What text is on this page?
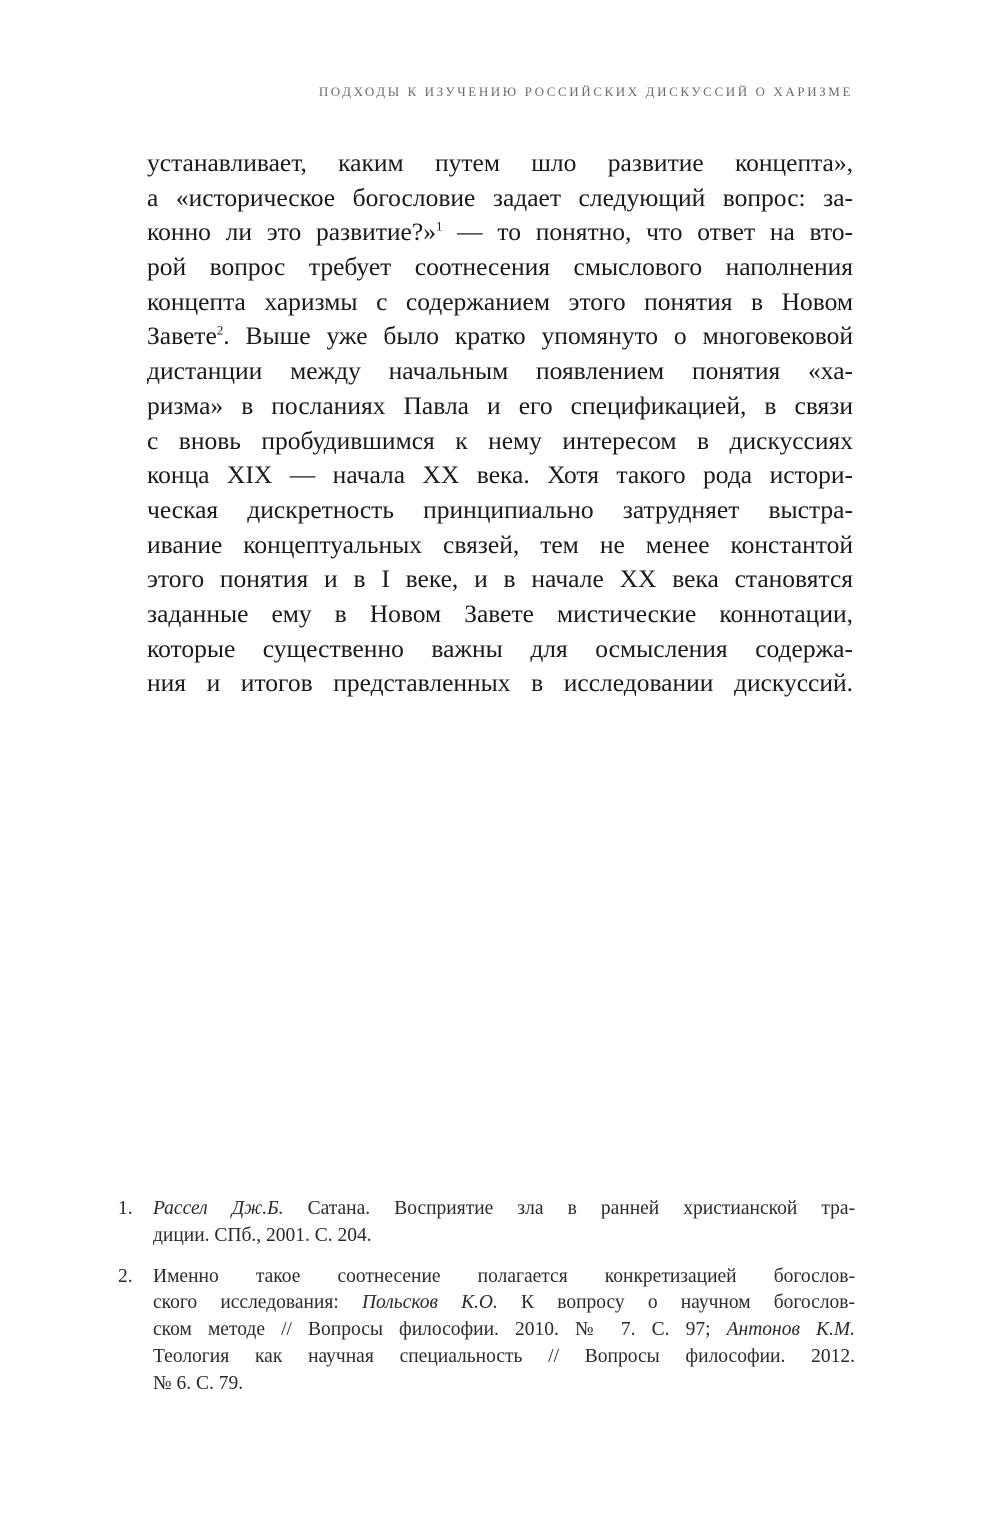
ПОДХОДЫ К ИЗУЧЕНИЮ РОССИЙСКИХ ДИСКУССИЙ О ХАРИЗМЕ
устанавливает, каким путем шло развитие концепта»,
а «историческое богословие задает следующий вопрос: за-
конно ли это развитие?»$^1$ — то понятно, что ответ на вто-
рой вопрос требует соотнесения смыслового наполнения
концепта харизмы с содержанием этого понятия в Новом
Завете$^2$. Выше уже было кратко упомянуто о многовековой
дистанции между начальным появлением понятия «ха-
ризма» в посланиях Павла и его спецификацией, в связи
с вновь пробудившимся к нему интересом в дискуссиях
конца XIX — начала XX века. Хотя такого рода истори-
ческая дискретность принципиально затрудняет выстра-
ивание концептуальных связей, тем не менее константой
этого понятия и в I веке, и в начале XX века становятся
заданные ему в Новом Завете мистические коннотации,
которые существенно важны для осмысления содержа-
ния и итогов представленных в исследовании дискуссий.
1. Рассел Дж.Б. Сатана. Восприятие зла в ранней христианской тра-
диции. СПб., 2001. С. 204.
2. Именно такое соотнесение полагается конкретизацией богослов-
ского исследования: Польсков К.О. К вопросу о научном богослов-
ском методе // Вопросы философии. 2010. № 7. С. 97; Антонов К.М.
Теология как научная специальность // Вопросы философии. 2012.
№ 6. С. 79.
